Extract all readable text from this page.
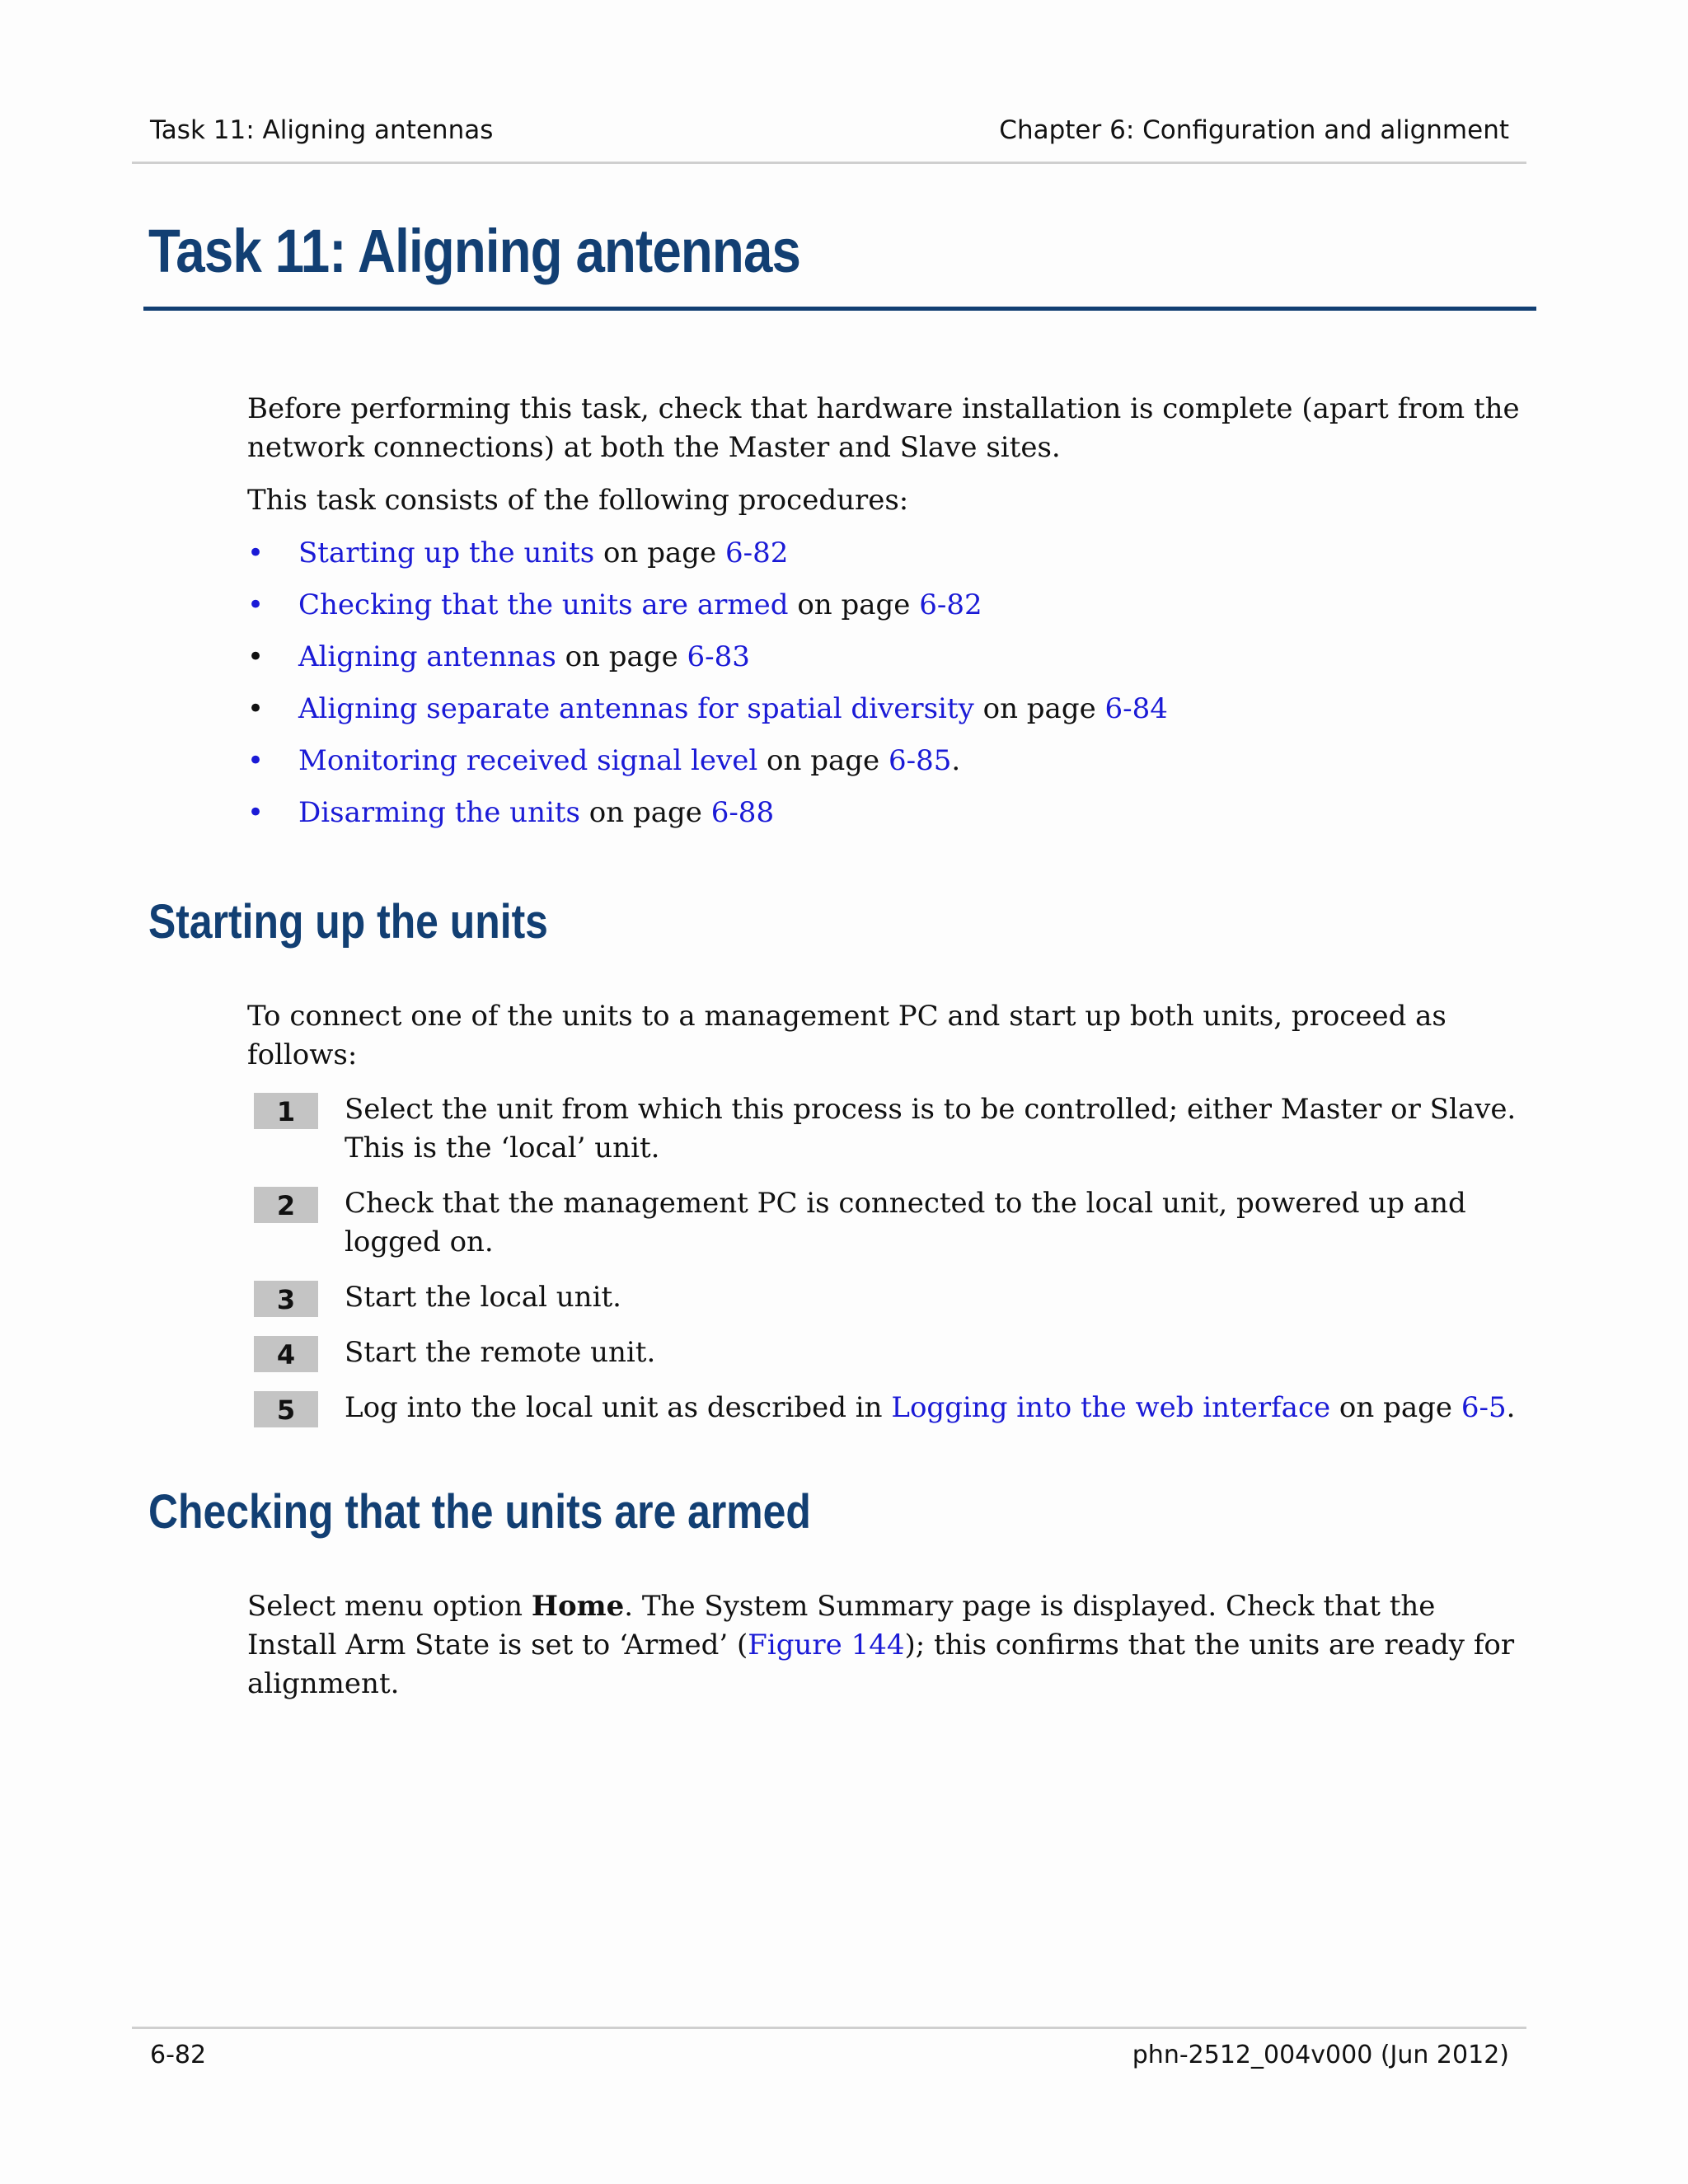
Task 11: Aligning antennas	Chapter 6: Configuration and alignment
Task 11: Aligning antennas

Before performing this task, check that hardware installation is complete (apart from the network connections) at both the Master and Slave sites.

This task consists of the following procedures:

• Starting up the units on page 6-82
• Checking that the units are armed on page 6-82
• Aligning antennas on page 6-83
• Aligning separate antennas for spatial diversity on page 6-84
• Monitoring received signal level on page 6-85.
• Disarming the units on page 6-88
Starting up the units

To connect one of the units to a management PC and start up both units, proceed as follows:

1	Select the unit from which this process is to be controlled; either Master or Slave. This is the ‘local’ unit.
2	Check that the management PC is connected to the local unit, powered up and logged on.
3	Start the local unit.
4	Start the remote unit.
5	Log into the local unit as described in Logging into the web interface on page 6-5.
Checking that the units are armed

Select menu option Home. The System Summary page is displayed. Check that the Install Arm State is set to ‘Armed’ (Figure 144); this confirms that the units are ready for alignment.

6-82	phn-2512_004v000 (Jun 2012)
